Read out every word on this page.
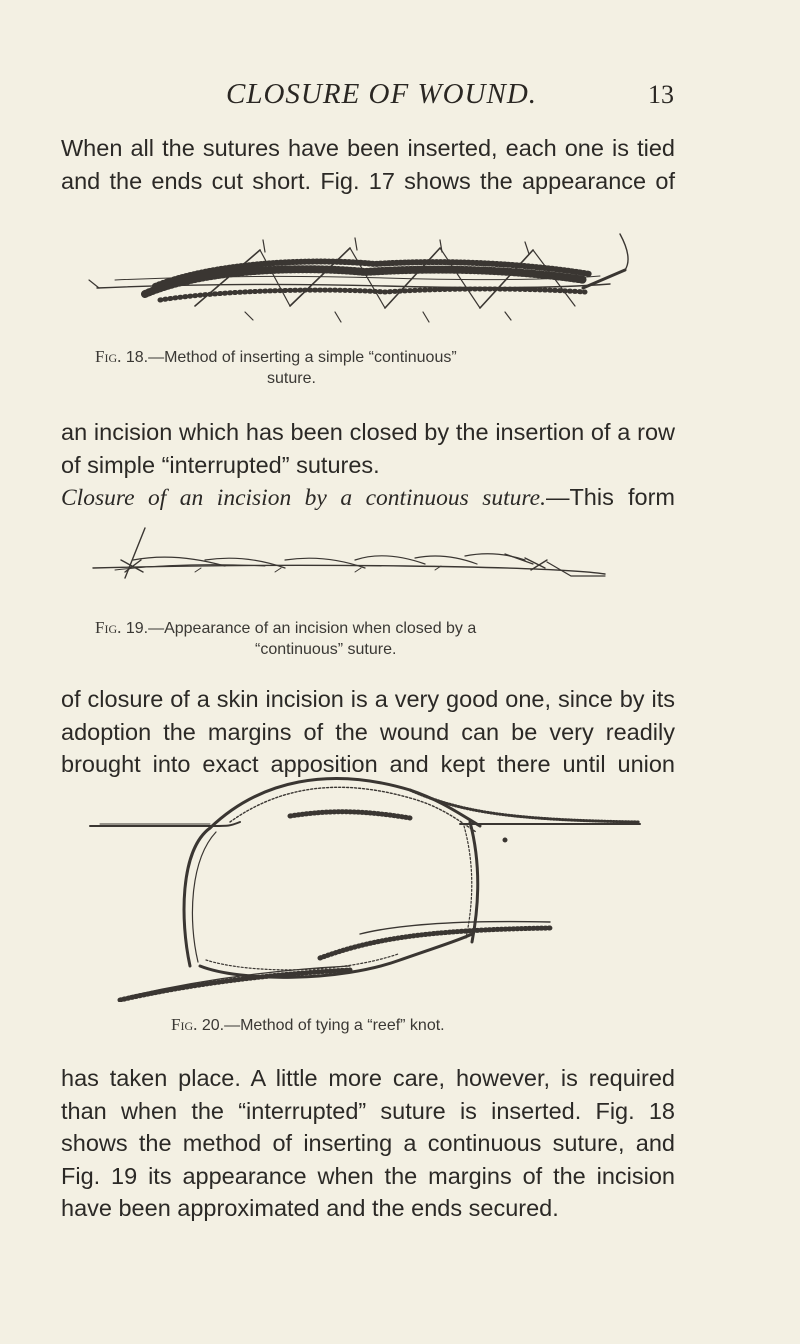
CLOSURE OF WOUND.	13
When all the sutures have been inserted, each one is tied
and the ends cut short. Fig. 17 shows the appearance of
Fig. 18.—Method of inserting a simple “continuous”
suture.
an incision which has been closed by the insertion of a row
of simple “interrupted” sutures.
Closure of an incision by a continuous suture.—This form
Fig. 19.—Appearance of an incision when closed by a
“continuous” suture.
of closure of a skin incision is a very good one, since by its
adoption the margins of the wound can be very readily
brought into exact apposition and kept there until union
Fig. 20.—Method of tying a “reef” knot.
has taken place. A little more care, however, is required
than when the “interrupted” suture is inserted. Fig. 18
shows the method of inserting a continuous suture, and
Fig. 19 its appearance when the margins of the incision
have been approximated and the ends secured.
